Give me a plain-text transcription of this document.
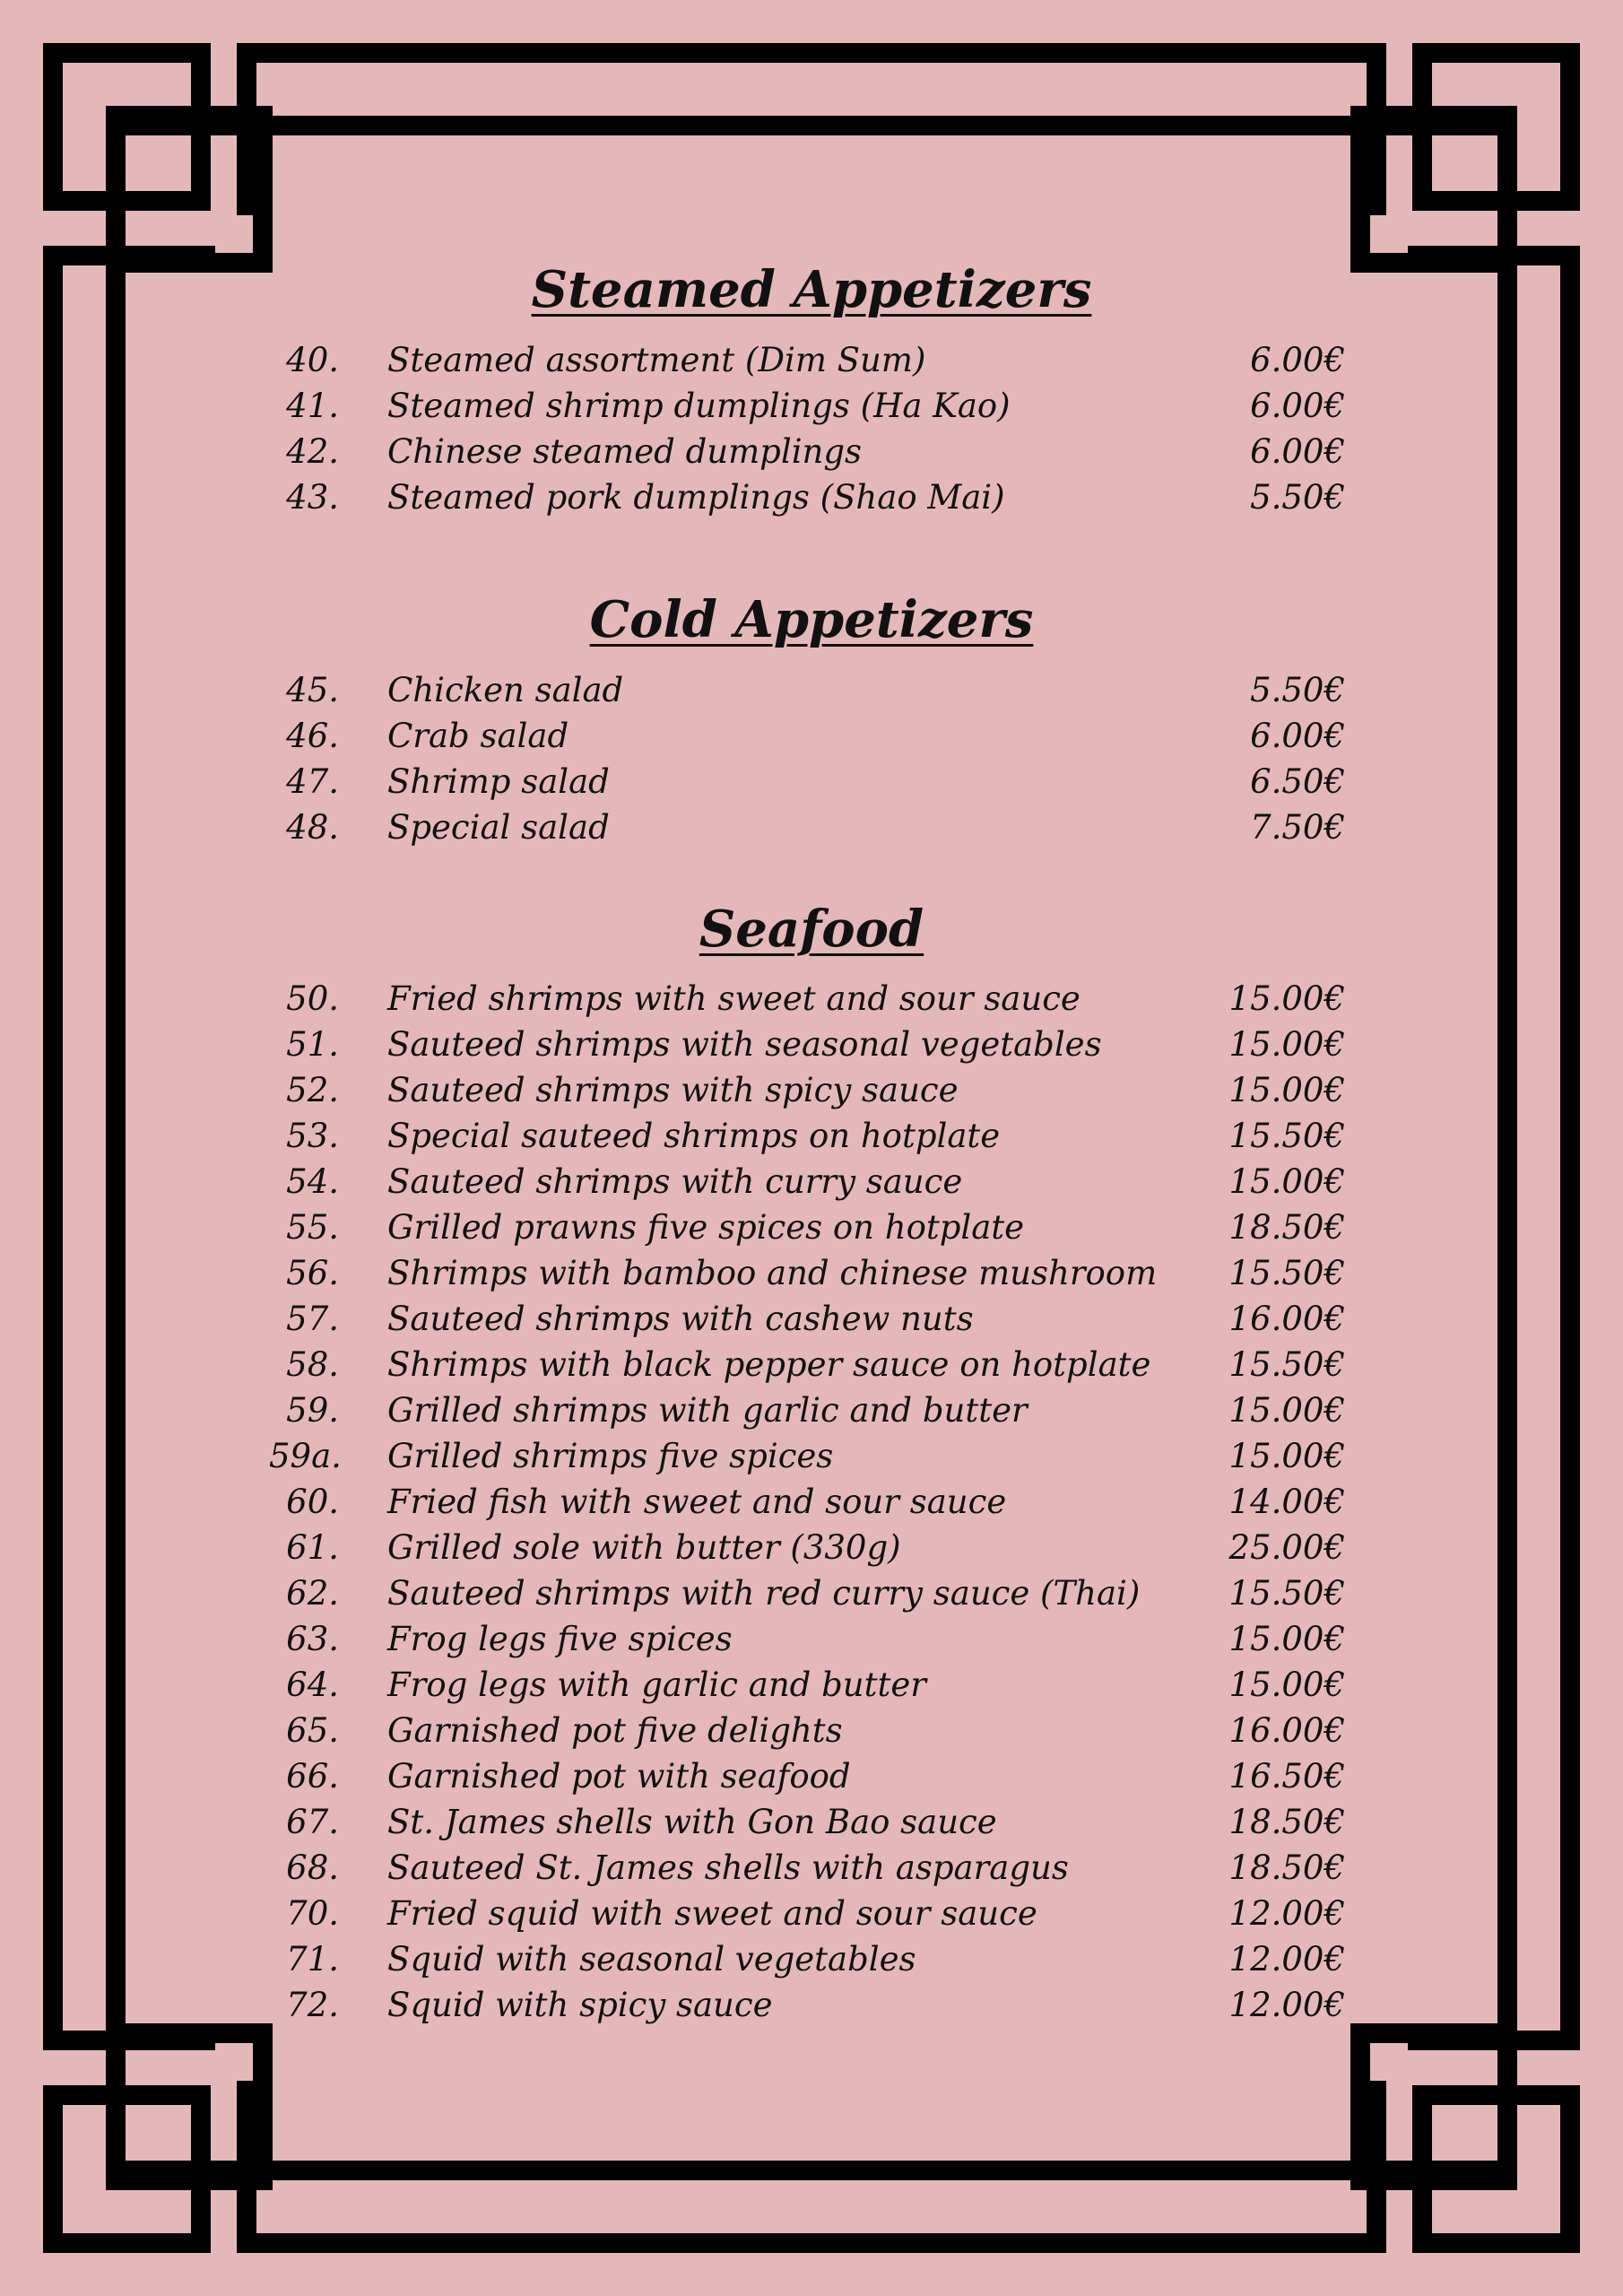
Steamed Appetizers
40. Steamed assortment (Dim Sum)	6.00€
41. Steamed shrimp dumplings (Ha Kao)	6.00€
42. Chinese steamed dumplings	6.00€
43. Steamed pork dumplings (Shao Mai)	5.50€
Cold Appetizers
45. Chicken salad	5.50€
46. Crab salad	6.00€
47. Shrimp salad	6.50€
48. Special salad	7.50€
Seafood
50. Fried shrimps with sweet and sour sauce	15.00€
51. Sauteed shrimps with seasonal vegetables	15.00€
52. Sauteed shrimps with spicy sauce	15.00€
53. Special sauteed shrimps on hotplate	15.50€
54. Sauteed shrimps with curry sauce	15.00€
55. Grilled prawns five spices on hotplate	18.50€
56. Shrimps with bamboo and chinese mushroom 15.50€
57. Sauteed shrimps with cashew nuts	16.00€
58. Shrimps with black pepper sauce on hotplate 15.50€
59. Grilled shrimps with garlic and butter	15.00€
59a. Grilled shrimps five spices	15.00€
60. Fried fish with sweet and sour sauce	14.00€
61. Grilled sole with butter (330g)	25.00€
62. Sauteed shrimps with red curry sauce (Thai)	15.50€
63. Frog legs five spices	15.00€
64. Frog legs with garlic and butter	15.00€
65. Garnished pot five delights	16.00€
66. Garnished pot with seafood	16.50€
67. St. James shells with Gon Bao sauce	18.50€
68. Sauteed St. James shells with asparagus	18.50€
70. Fried squid with sweet and sour sauce	12.00€
71. Squid with seasonal vegetables	12.00€
72. Squid with spicy sauce	12.00€
